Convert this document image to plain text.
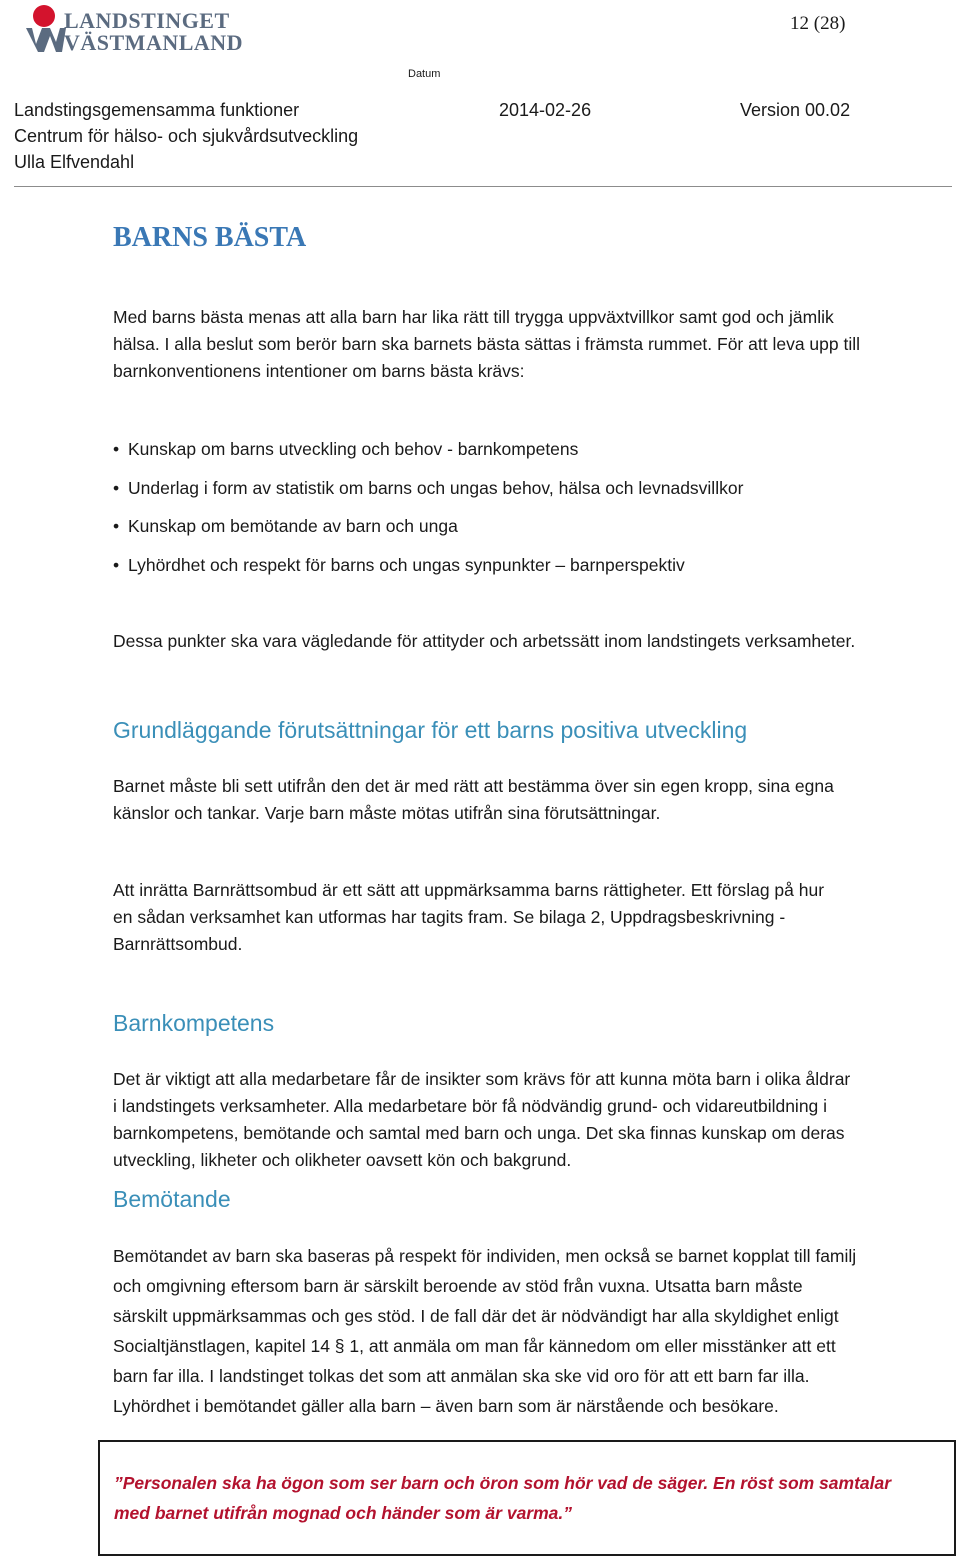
LANDSTINGET
VÄSTMANLAND
12 (28)
Datum
Landstingsgemensamma funktioner	2014-02-26	Version 00.02
Centrum för hälso- och sjukvårdsutveckling
Ulla Elfvendahl
BARNS BÄSTA
Med barns bästa menas att alla barn har lika rätt till trygga uppväxtvillkor samt god och jämlik
hälsa. I alla beslut som berör barn ska barnets bästa sättas i främsta rummet. För att leva upp till
barnkonventionens intentioner om barns bästa krävs:
• Kunskap om barns utveckling och behov - barnkompetens
• Underlag i form av statistik om barns och ungas behov, hälsa och levnadsvillkor
• Kunskap om bemötande av barn och unga
• Lyhördhet och respekt för barns och ungas synpunkter – barnperspektiv
Dessa punkter ska vara vägledande för attityder och arbetssätt inom landstingets verksamheter.
Grundläggande förutsättningar för ett barns positiva utveckling
Barnet måste bli sett utifrån den det är med rätt att bestämma över sin egen kropp, sina egna
känslor och tankar. Varje barn måste mötas utifrån sina förutsättningar.
Att inrätta Barnrättsombud är ett sätt att uppmärksamma barns rättigheter. Ett förslag på hur
en sådan verksamhet kan utformas har tagits fram. Se bilaga 2, Uppdragsbeskrivning -
Barnrättsombud.
Barnkompetens
Det är viktigt att alla medarbetare får de insikter som krävs för att kunna möta barn i olika åldrar
i landstingets verksamheter. Alla medarbetare bör få nödvändig grund- och vidareutbildning i
barnkompetens, bemötande och samtal med barn och unga. Det ska finnas kunskap om deras
utveckling, likheter och olikheter oavsett kön och bakgrund.
Bemötande
Bemötandet av barn ska baseras på respekt för individen, men också se barnet kopplat till familj
och omgivning eftersom barn är särskilt beroende av stöd från vuxna. Utsatta barn måste
särskilt uppmärksammas och ges stöd. I de fall där det är nödvändigt har alla skyldighet enligt
Socialtjänstlagen, kapitel 14 § 1, att anmäla om man får kännedom om eller misstänker att ett
barn far illa. I landstinget tolkas det som att anmälan ska ske vid oro för att ett barn far illa.
Lyhördhet i bemötandet gäller alla barn – även barn som är närstående och besökare.
”Personalen ska ha ögon som ser barn och öron som hör vad de säger. En röst som samtalar
med barnet utifrån mognad och händer som är varma.”
